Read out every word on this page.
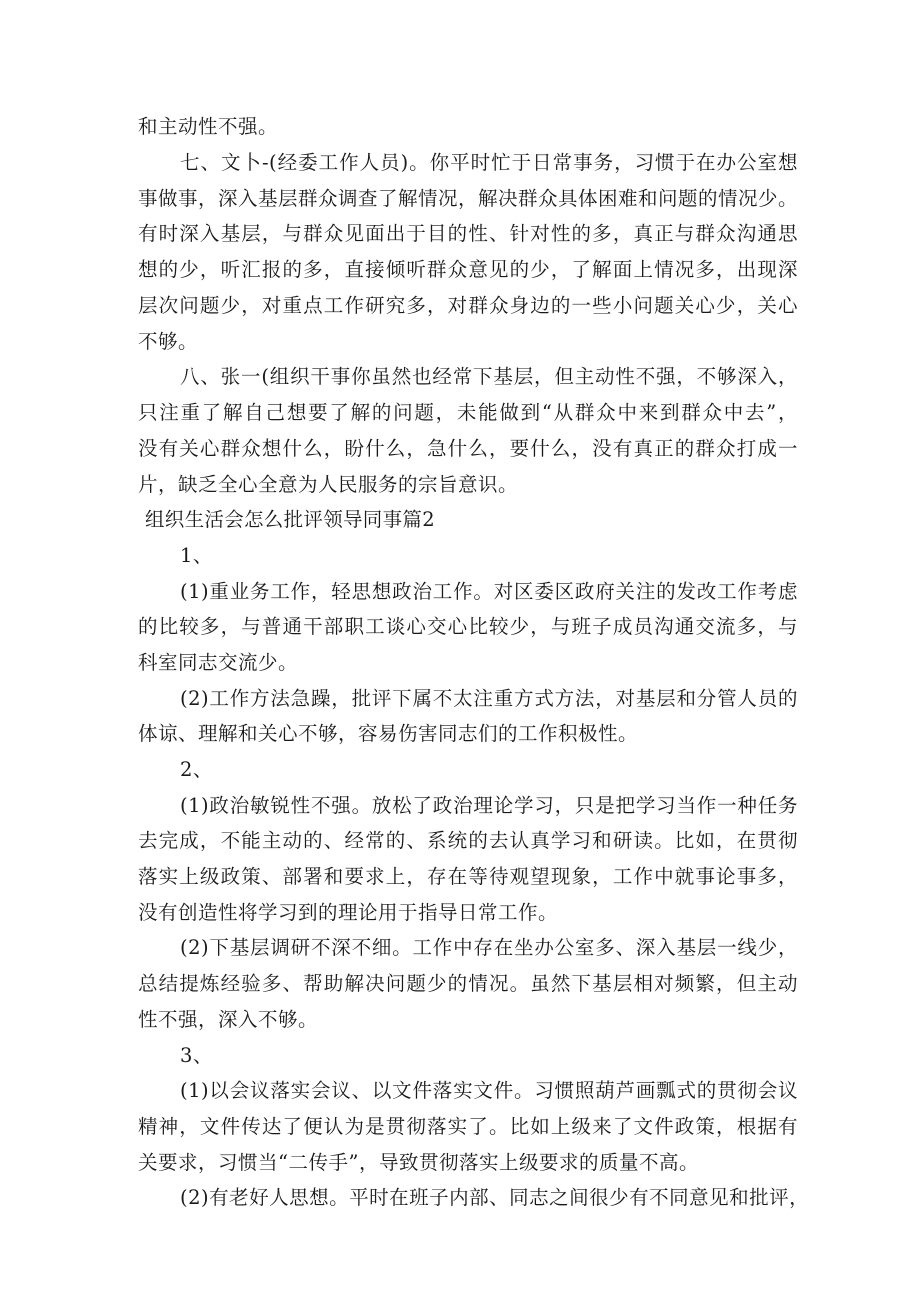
和主动性不强。
七、文卜-(经委工作人员)。你平时忙于日常事务，习惯于在办公室想
事做事，深入基层群众调查了解情况，解决群众具体困难和问题的情况少。
有时深入基层，与群众见面出于目的性、针对性的多，真正与群众沟通思
想的少，听汇报的多，直接倾听群众意见的少，了解面上情况多，出现深
层次问题少，对重点工作研究多，对群众身边的一些小问题关心少，关心
不够。
八、张一(组织干事你虽然也经常下基层，但主动性不强，不够深入，
只注重了解自己想要了解的问题，未能做到“从群众中来到群众中去”，
没有关心群众想什么，盼什么，急什么，要什么，没有真正的群众打成一
片，缺乏全心全意为人民服务的宗旨意识。
组织生活会怎么批评领导同事篇2
1、
(1)重业务工作，轻思想政治工作。对区委区政府关注的发改工作考虑
的比较多，与普通干部职工谈心交心比较少，与班子成员沟通交流多，与
科室同志交流少。
(2)工作方法急躁，批评下属不太注重方式方法，对基层和分管人员的
体谅、理解和关心不够，容易伤害同志们的工作积极性。
2、
(1)政治敏锐性不强。放松了政治理论学习，只是把学习当作一种任务
去完成，不能主动的、经常的、系统的去认真学习和研读。比如，在贯彻
落实上级政策、部署和要求上，存在等待观望现象，工作中就事论事多，
没有创造性将学习到的理论用于指导日常工作。
(2)下基层调研不深不细。工作中存在坐办公室多、深入基层一线少，
总结提炼经验多、帮助解决问题少的情况。虽然下基层相对频繁，但主动
性不强，深入不够。
3、
(1)以会议落实会议、以文件落实文件。习惯照葫芦画瓢式的贯彻会议
精神，文件传达了便认为是贯彻落实了。比如上级来了文件政策，根据有
关要求，习惯当“二传手”，导致贯彻落实上级要求的质量不高。
(2)有老好人思想。平时在班子内部、同志之间很少有不同意见和批评，
